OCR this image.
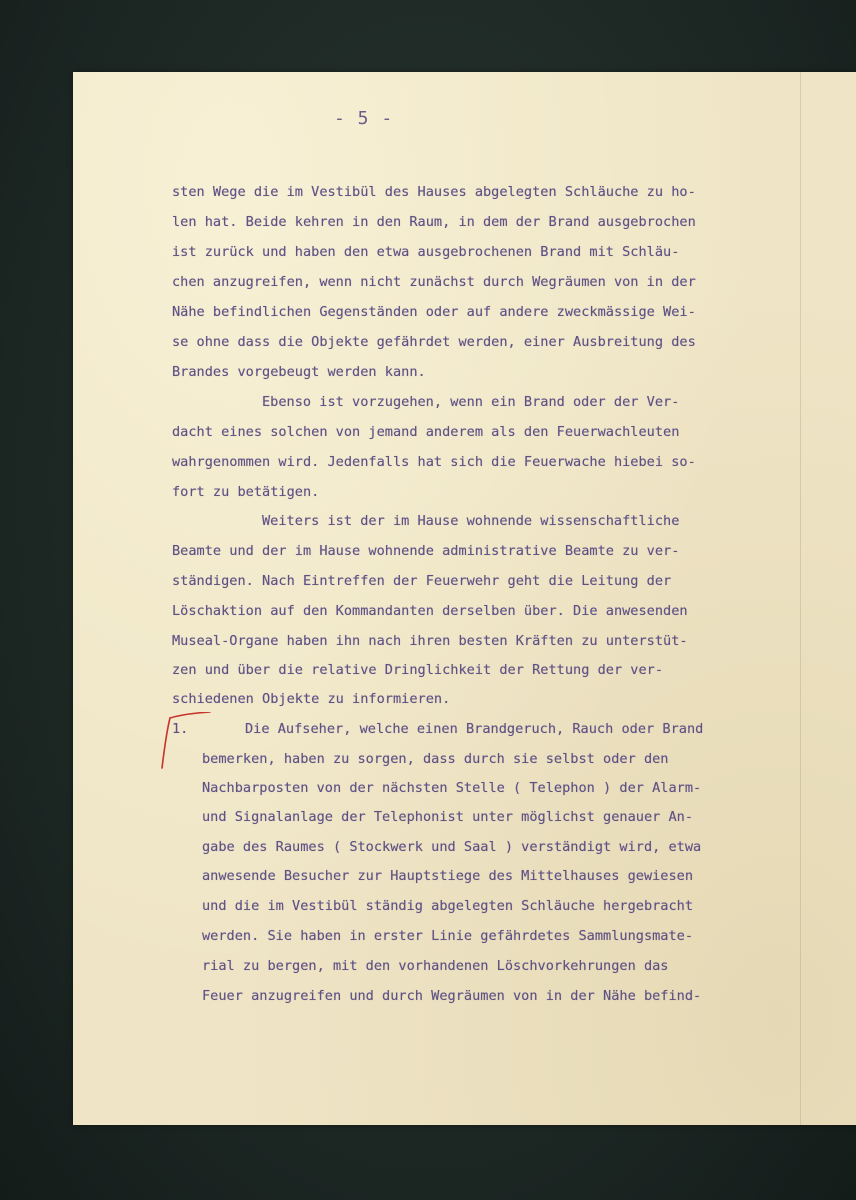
- 5 -
sten Wege die im Vestibül des Hauses abgelegten Schläuche zu ho-
len hat. Beide kehren in den Raum, in dem der Brand ausgebrochen
ist zurück und haben den etwa ausgebrochenen Brand mit Schläu-
chen anzugreifen, wenn nicht zunächst durch Wegräumen von in der
Nähe befindlichen Gegenständen oder auf andere zweckmässige Wei-
se ohne dass die Objekte gefährdet werden, einer Ausbreitung des
Brandes vorgebeugt werden kann.
Ebenso ist vorzugehen, wenn ein Brand oder der Ver-
dacht eines solchen von jemand anderem als den Feuerwachleuten
wahrgenommen wird. Jedenfalls hat sich die Feuerwache hiebei so-
fort zu betätigen.
Weiters ist der im Hause wohnende wissenschaftliche
Beamte und der im Hause wohnende administrative Beamte zu ver-
ständigen. Nach Eintreffen der Feuerwehr geht die Leitung der
Löschaktion auf den Kommandanten derselben über. Die anwesenden
Museal-Organe haben ihn nach ihren besten Kräften zu unterstüt-
zen und über die relative Dringlichkeit der Rettung der ver-
schiedenen Objekte zu informieren.
1.	Die Aufseher, welche einen Brandgeruch, Rauch oder Brand
bemerken, haben zu sorgen, dass durch sie selbst oder den
Nachbarposten von der nächsten Stelle ( Telephon ) der Alarm-
und Signalanlage der Telephonist unter möglichst genauer An-
gabe des Raumes ( Stockwerk und Saal ) verständigt wird, etwa
anwesende Besucher zur Hauptstiege des Mittelhauses gewiesen
und die im Vestibül ständig abgelegten Schläuche hergebracht
werden. Sie haben in erster Linie gefährdetes Sammlungsmate-
rial zu bergen, mit den vorhandenen Löschvorkehrungen das
Feuer anzugreifen und durch Wegräumen von in der Nähe befind-
